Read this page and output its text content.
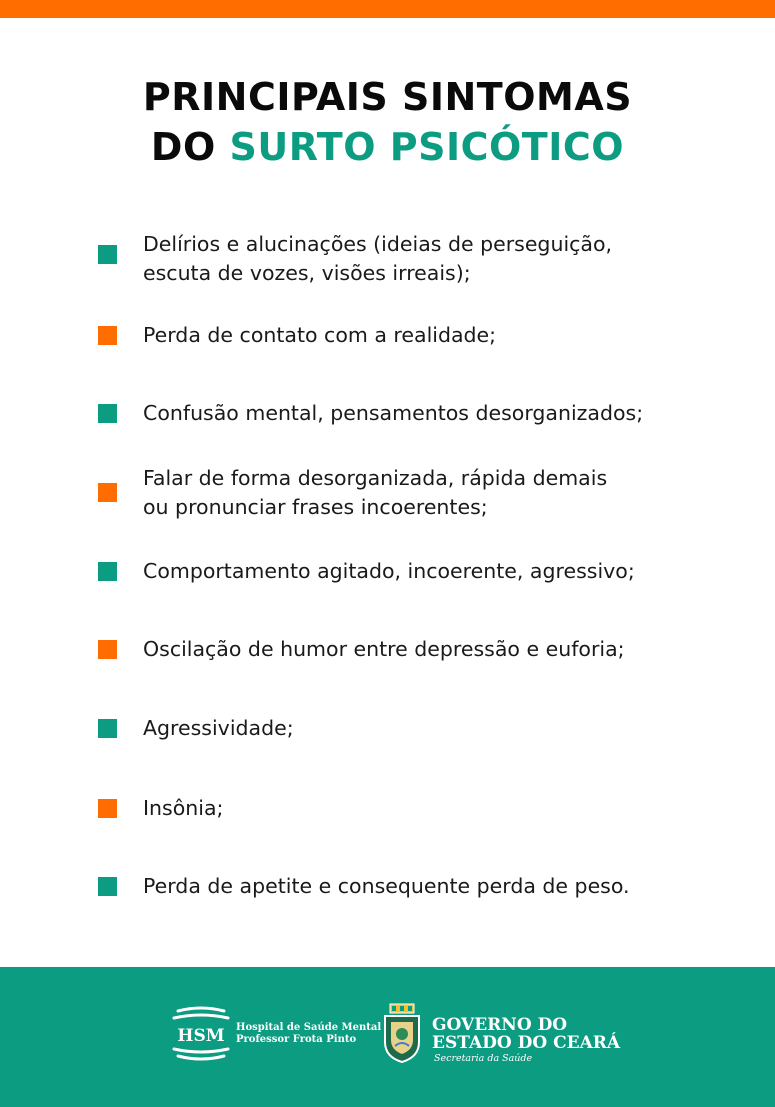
PRINCIPAIS SINTOMAS
DO SURTO PSICÓTICO
Delírios e alucinações (ideias de perseguição,
escuta de vozes, visões irreais);
Perda de contato com a realidade;
Confusão mental, pensamentos desorganizados;
Falar de forma desorganizada, rápida demais
ou pronunciar frases incoerentes;
Comportamento agitado, incoerente, agressivo;
Oscilação de humor entre depressão e euforia;
Agressividade;
Insônia;
Perda de apetite e consequente perda de peso.
HSM Hospital de Saúde Mental
Professor Frota Pinto
GOVERNO DO
ESTADO DO CEARÁ
Secretaria da Saúde
